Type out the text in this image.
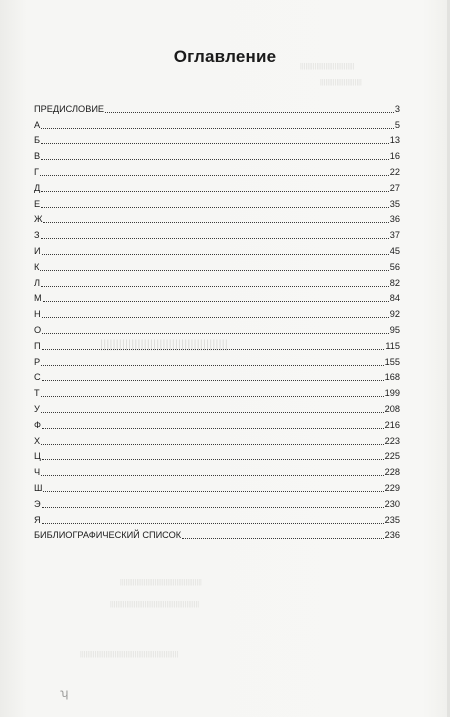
||||||||||||||||||||||||||||||
|||||||||||||||||||||||
|||||||||||||||||||||||||||||||||||||||||
|||||||||||||||||||||||||||||||||||||||||||||
|||||||||||||||||||||||||||||||||||||||||||||||||
||||||||||||||||||||||||||||||||||||||||||||||||||||||
Оглавление
ПРЕДИСЛОВИЕ	3
А	5
Б	13
В	16
Г	22
Д	27
Е	35
Ж	36
З	37
И	45
К	56
Л	82
М	84
Н	92
О	95
П	115
Р	155
С	168
Т	199
У	208
Ф	216
Х	223
Ц	225
Ч	228
Ш	229
Э	230
Я	235
БИБЛИОГРАФИЧЕСКИЙ СПИСОК	236
ʮ
